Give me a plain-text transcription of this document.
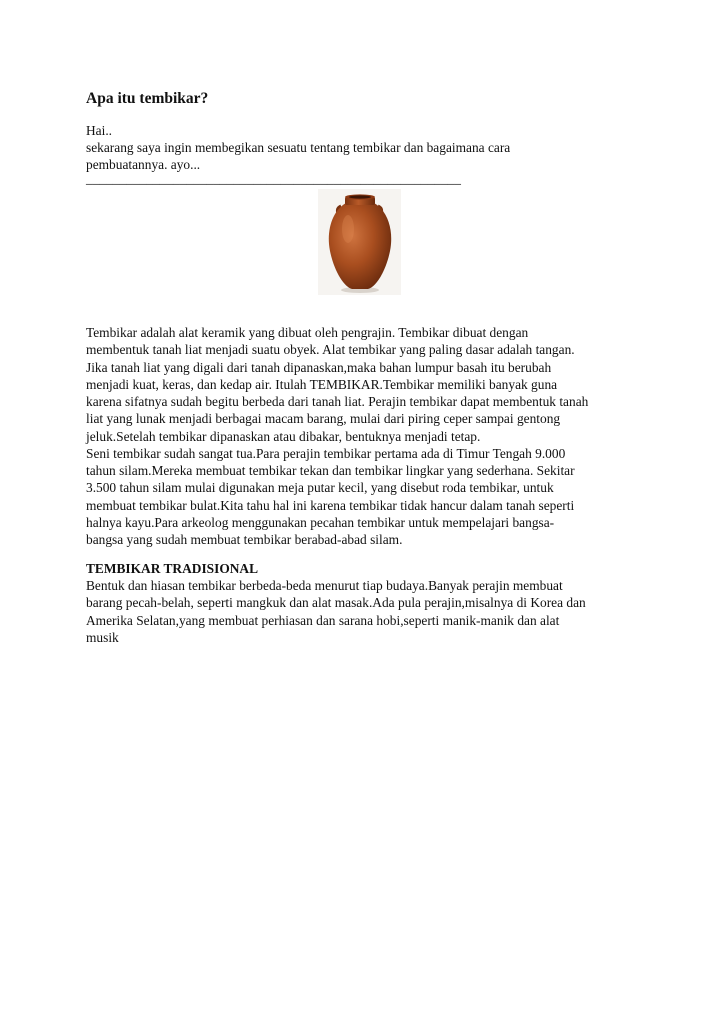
Apa itu tembikar?
Hai..
sekarang saya ingin membegikan sesuatu tentang tembikar dan bagaimana cara
pembuatannya. ayo...
________________________________________________________
Tembikar adalah alat keramik yang dibuat oleh pengrajin. Tembikar dibuat dengan
membentuk tanah liat menjadi suatu obyek. Alat tembikar yang paling dasar adalah tangan.
Jika tanah liat yang digali dari tanah dipanaskan,maka bahan lumpur basah itu berubah
menjadi kuat, keras, dan kedap air. Itulah TEMBIKAR.Tembikar memiliki banyak guna
karena sifatnya sudah begitu berbeda dari tanah liat. Perajin tembikar dapat membentuk tanah
liat yang lunak menjadi berbagai macam barang, mulai dari piring ceper sampai gentong
jeluk.Setelah tembikar dipanaskan atau dibakar, bentuknya menjadi tetap.
Seni tembikar sudah sangat tua.Para perajin tembikar pertama ada di Timur Tengah 9.000
tahun silam.Mereka membuat tembikar tekan dan tembikar lingkar yang sederhana. Sekitar
3.500 tahun silam mulai digunakan meja putar kecil, yang disebut roda tembikar, untuk
membuat tembikar bulat.Kita tahu hal ini karena tembikar tidak hancur dalam tanah seperti
halnya kayu.Para arkeolog menggunakan pecahan tembikar untuk mempelajari bangsa-
bangsa yang sudah membuat tembikar berabad-abad silam.
TEMBIKAR TRADISIONAL
Bentuk dan hiasan tembikar berbeda-beda menurut tiap budaya.Banyak perajin membuat
barang pecah-belah, seperti mangkuk dan alat masak.Ada pula perajin,misalnya di Korea dan
Amerika Selatan,yang membuat perhiasan dan sarana hobi,seperti manik-manik dan alat
musik
